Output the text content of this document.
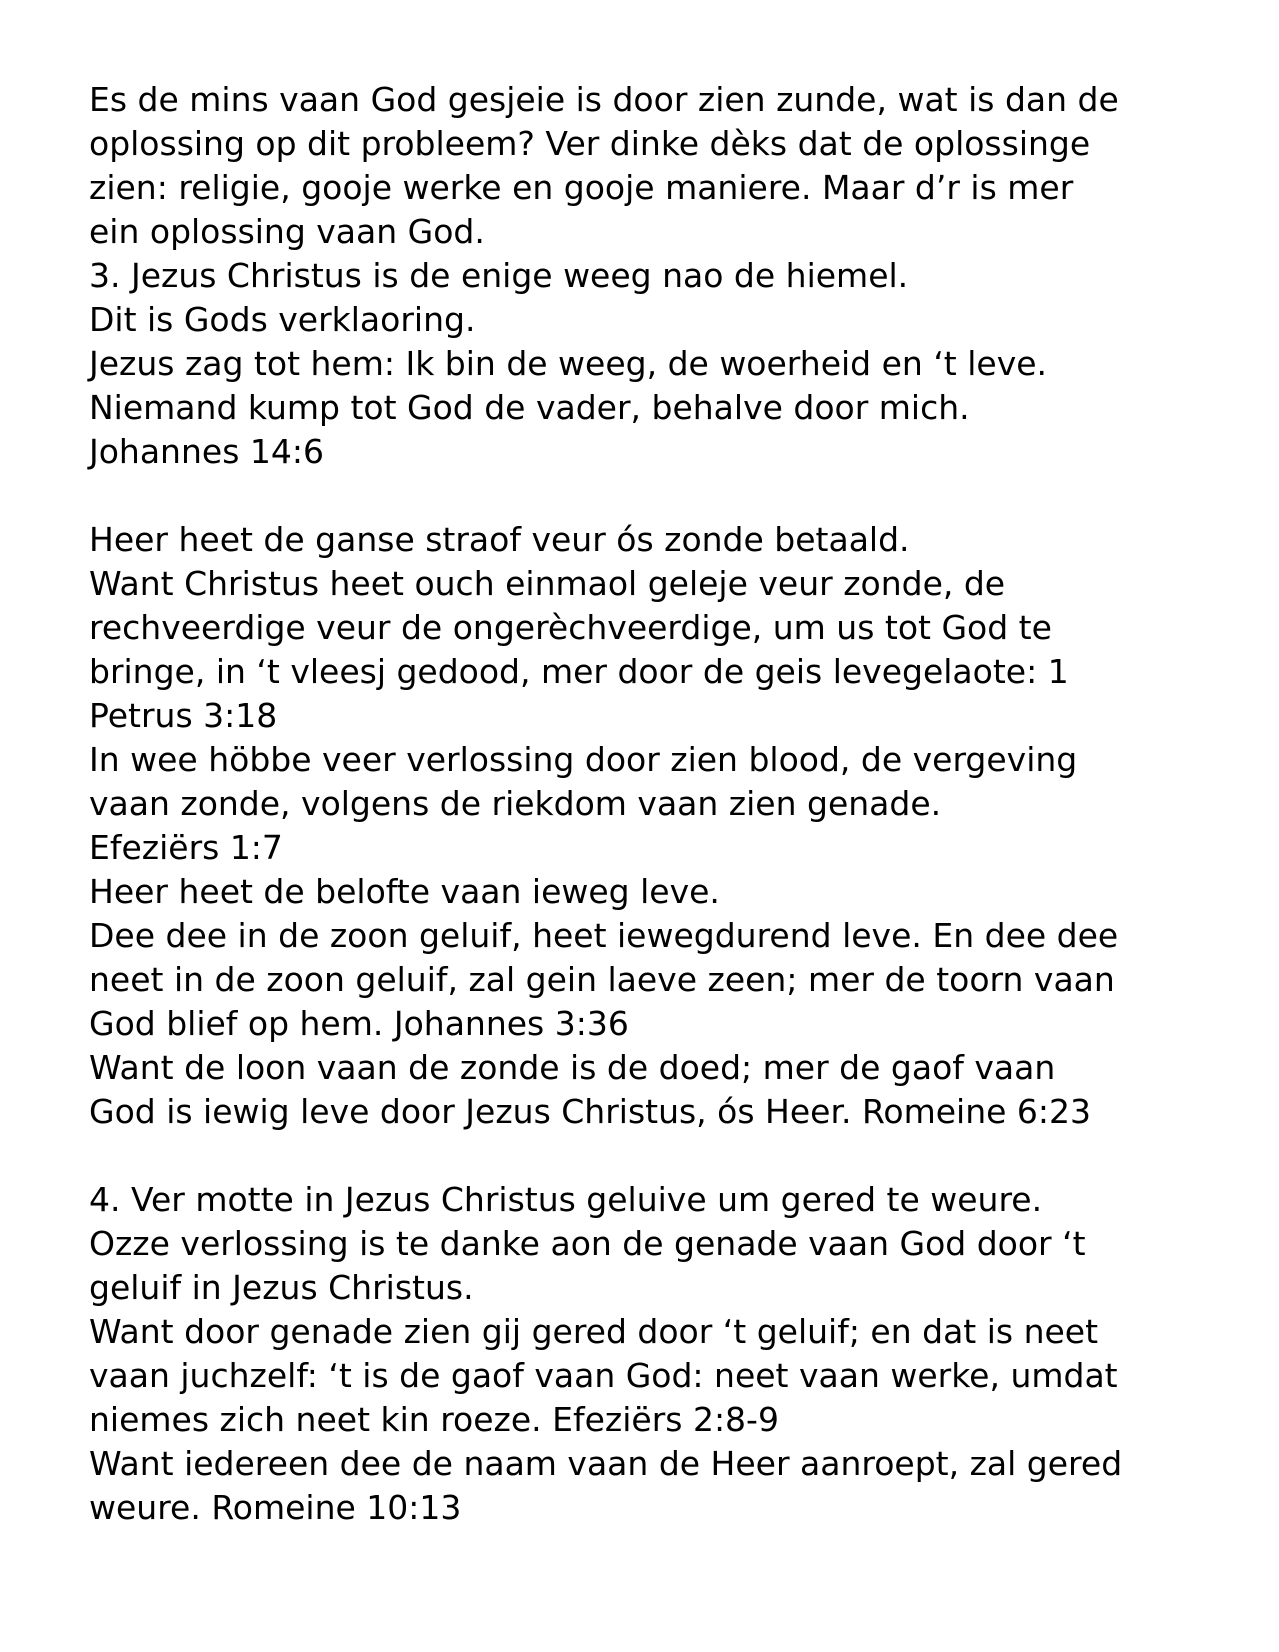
Es de mins vaan God gesjeie is door zien zunde, wat is dan de
oplossing op dit probleem? Ver dinke dèks dat de oplossinge
zien: religie, gooje werke en gooje maniere. Maar d’r is mer
ein oplossing vaan God.
3. Jezus Christus is de enige weeg nao de hiemel.
Dit is Gods verklaoring.
Jezus zag tot hem: Ik bin de weeg, de woerheid en ‘t leve.
Niemand kump tot God de vader, behalve door mich.
Johannes 14:6
Heer heet de ganse straof veur ós zonde betaald.
Want Christus heet ouch einmaol geleje veur zonde, de
rechveerdige veur de ongerèchveerdige, um us tot God te
bringe, in ‘t vleesj gedood, mer door de geis levegelaote: 1
Petrus 3:18
In wee höbbe veer verlossing door zien blood, de vergeving
vaan zonde, volgens de riekdom vaan zien genade.
Efeziërs 1:7
Heer heet de belofte vaan ieweg leve.
Dee dee in de zoon geluif, heet iewegdurend leve. En dee dee
neet in de zoon geluif, zal gein laeve zeen; mer de toorn vaan
God blief op hem. Johannes 3:36
Want de loon vaan de zonde is de doed; mer de gaof vaan
God is iewig leve door Jezus Christus, ós Heer. Romeine 6:23
4. Ver motte in Jezus Christus geluive um gered te weure.
Ozze verlossing is te danke aon de genade vaan God door ‘t
geluif in Jezus Christus.
Want door genade zien gij gered door ‘t geluif; en dat is neet
vaan juchzelf: ‘t is de gaof vaan God: neet vaan werke, umdat
niemes zich neet kin roeze. Efeziërs 2:8-9
Want iedereen dee de naam vaan de Heer aanroept, zal gered
weure. Romeine 10:13
